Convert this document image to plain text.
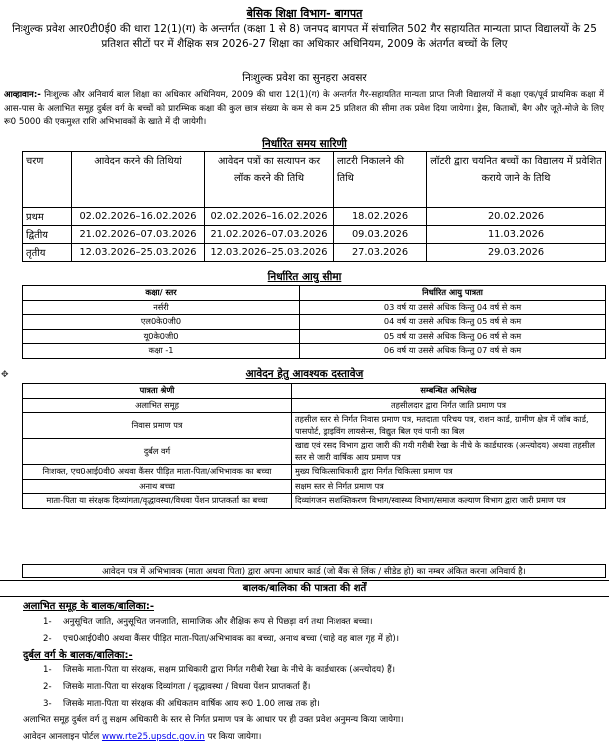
बेसिक शिक्षा विभाग- बागपत
निःशुल्क प्रवेश आर0टी0ई0 की धारा 12(1)(ग) के अन्तर्गत (कक्षा 1 से 8) जनपद बागपत में संचालित 502 गैर सहायतित मान्यता प्राप्त विद्यालयों के 25 प्रतिशत सीटों पर में शैक्षिक सत्र 2026-27 शिक्षा का अधिकार अधिनियम, 2009 के अंतर्गत बच्चों के लिए
निःशुल्क प्रवेश का सुनहरा अवसर
आव्हावान:- निःशुल्क और अनिवार्य बाल शिक्षा का अधिकार अधिनियम, 2009 की धारा 12(1)(ग) के अन्तर्गत गैर-सहायतित मान्यता प्राप्त निजी विद्यालयों में कक्षा एक/पूर्व प्राथमिक कक्षा में आस-पास के अलाभित समूह दुर्बल वर्ग के बच्चों को प्रारम्भिक कक्षा की कुल छात्र संख्या के कम से कम 25 प्रतिशत की सीमा तक प्रवेश दिया जायेगा। ड्रेस, किताबों, बैग और जूते-मोजे के लिए रू0 5000 की एकमुश्त राशि अभिभावकों के खाते में दी जायेगी।
निर्धारित समय सारिणी
चरण	आवेदन करने की तिथियां	आवेदन पत्रों का सत्यापन कर लॉक करने की तिथि	लाटरी निकालने की तिथि	लॉटरी द्वारा चयनित बच्चों का विद्यालय में प्रवेशित कराये जाने के तिथि
प्रथम	02.02.2026–16.02.2026	02.02.2026–16.02.2026	18.02.2026	20.02.2026
द्वितीय	21.02.2026–07.03.2026	21.02.2026–07.03.2026	09.03.2026	11.03.2026
तृतीय	12.03.2026–25.03.2026	12.03.2026–25.03.2026	27.03.2026	29.03.2026
निर्धारित आयु सीमा
कक्षा/ स्तर	निर्धारित आयु पात्रता
नर्सरी	03 वर्ष या उससे अधिक किन्तु 04 वर्ष से कम
एल0के0जी0	04 वर्ष या उससे अधिक किन्तु 05 वर्ष से कम
यू0के0जी0	05 वर्ष या उससे अधिक किन्तु 06 वर्ष से कम
कक्षा -1	06 वर्ष या उससे अधिक किन्तु 07 वर्ष से कम
✥	आवेदन हेतु आवश्यक दस्तावेज
पात्रता श्रेणी	सम्बन्धित अभिलेख
अलाभित समूह	तहसीलदार द्वारा निर्गत जाति प्रमाण पत्र
निवास प्रमाण पत्र	तहसील स्तर से निर्गत निवास प्रमाण पत्र, मतदाता परिचय पत्र, राशन कार्ड, ग्रामीण क्षेत्र में जॉब कार्ड, पासपोर्ट, ड्राइविंग लायसेन्स, विद्युत बिल एवं पानी का बिल
दुर्बल वर्ग	खाद्य एवं रसद विभाग द्वारा जारी की गयी गरीबी रेखा के नीचे के कार्डधारक (अन्त्योदय) अथवा तहसील स्तर से जारी वार्षिक आय प्रमाण पत्र
निःशक्त, एच0आई0वी0 अथवा कैंसर पीड़ित माता-पिता/अभिभावक का बच्चा	मुख्य चिकित्साधिकारी द्वारा निर्गत चिकित्सा प्रमाण पत्र
अनाथ बच्चा	सक्षम स्तर से निर्गत प्रमाण पत्र
माता-पिता या संरक्षक दिव्यांगता/वृद्धावस्था/विधवा पेंशन प्राप्तकर्ता का बच्चा	दिव्यांगजन सशक्तिकरण विभाग/स्वास्थ्य विभाग/समाज कल्याण विभाग द्वारा जारी प्रमाण पत्र
आवेदन पत्र में अभिभावक (माता अथवा पिता) द्वारा अपना आधार कार्ड (जो बैंक से लिंक / सीडेड हो) का नम्बर अंकित करना अनिवार्य है।
बालक/बालिका की पात्रता की शर्तें
अलाभित समूह के बालक/बालिका:-
1- अनुसूचित जाति, अनुसूचित जनजाति, सामाजिक और शैक्षिक रूप से पिछड़ा वर्ग तथा निःशक्त बच्चा।
2- एच0आई0वी0 अथवा कैंसर पीड़ित माता-पिता/अभिभावक का बच्चा, अनाथ बच्चा (चाहे वह बाल गृह में हो)।
दुर्बल वर्ग के बालक/बालिका:-
1- जिसके माता-पिता या संरक्षक, सक्षम प्राधिकारी द्वारा निर्गत गरीबी रेखा के नीचे के कार्डधारक (अन्त्योदय) हैं।
2- जिसके माता-पिता या संरक्षक दिव्यांगता / वृद्धावस्था / विधवा पेंशन प्राप्तकर्ता हैं।
3- जिसके माता-पिता या संरक्षक की अधिकतम वार्षिक आय रू0 1.00 लाख तक हो।
अलाभित समूह दुर्बल वर्ग तु सक्षम अधिकारी के स्तर से निर्गत प्रमाण पत्र के आधार पर ही उक्त प्रवेश अनुमन्य किया जायेगा।
आवेदन आनलाइन पोर्टल www.rte25.upsdc.gov.in पर किया जायेगा।
